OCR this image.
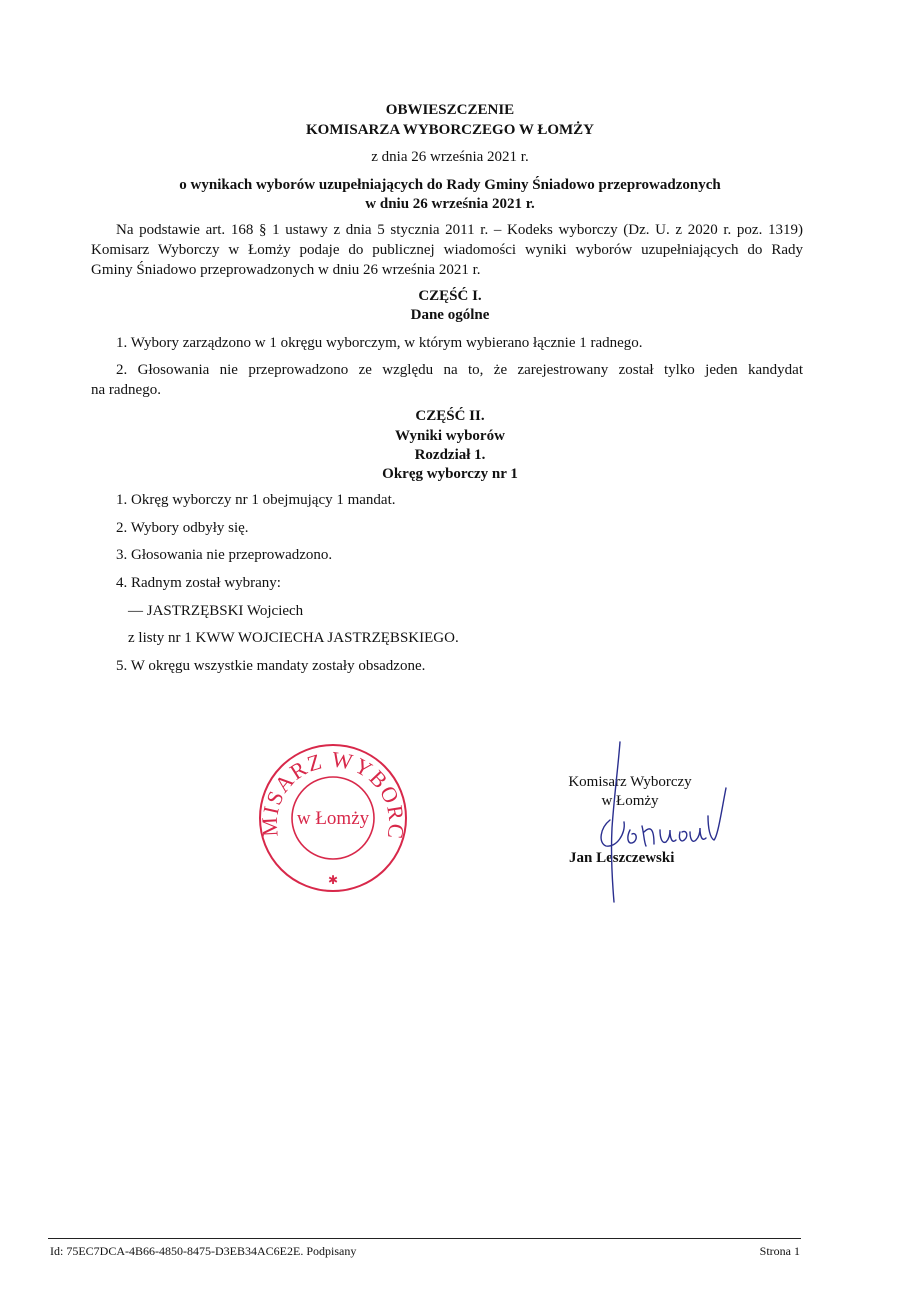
OBWIESZCZENIE
KOMISARZA WYBORCZEGO W ŁOMŻY
z dnia 26 września 2021 r.
o wynikach wyborów uzupełniających do Rady Gminy Śniadowo przeprowadzonych
w dniu 26 września 2021 r.
Na podstawie art. 168 § 1 ustawy z dnia 5 stycznia 2011 r. – Kodeks wyborczy (Dz. U. z 2020 r. poz. 1319)
Komisarz Wyborczy w Łomży podaje do publicznej wiadomości wyniki wyborów uzupełniających do Rady
Gminy Śniadowo przeprowadzonych w dniu 26 września 2021 r.
CZĘŚĆ I.
Dane ogólne
1. Wybory zarządzono w 1 okręgu wyborczym, w którym wybierano łącznie 1 radnego.
2. Głosowania nie przeprowadzono ze względu na to, że zarejestrowany został tylko jeden kandydat
na radnego.
CZĘŚĆ II.
Wyniki wyborów
Rozdział 1.
Okręg wyborczy nr 1
1. Okręg wyborczy nr 1 obejmujący 1 mandat.
2. Wybory odbyły się.
3. Głosowania nie przeprowadzono.
4. Radnym został wybrany:
— JASTRZĘBSKI Wojciech
z listy nr 1 KWW WOJCIECHA JASTRZĘBSKIEGO.
5. W okręgu wszystkie mandaty zostały obsadzone.
MISARZ WYBORC
w Łomży
✱
Komisarz Wyborczy
w Łomży
Jan Leszczewski
Id: 75EC7DCA-4B66-4850-8475-D3EB34AC6E2E. Podpisany	Strona 1
